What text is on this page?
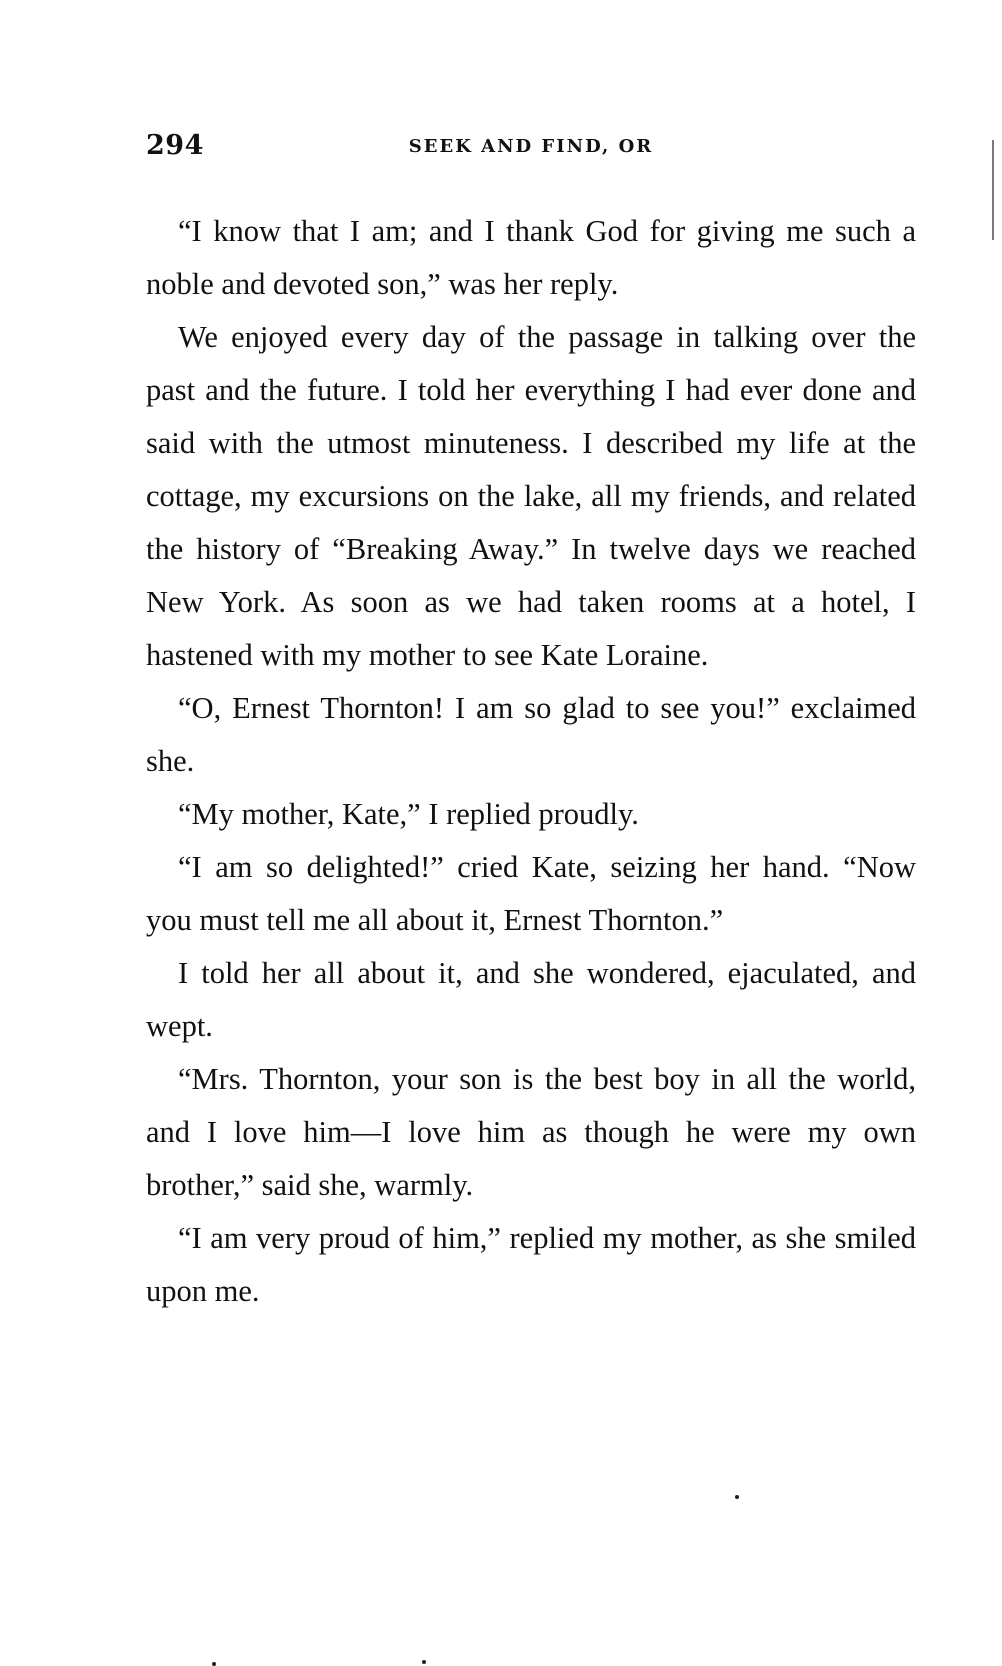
294	SEEK AND FIND, OR

“I know that I am; and I thank God for giving me such a noble and devoted son,” was her reply.

We enjoyed every day of the passage in talking over the past and the future. I told her everything I had ever done and said with the utmost minuteness. I described my life at the cottage, my excursions on the lake, all my friends, and related the history of “Breaking Away.” In twelve days we reached New York. As soon as we had taken rooms at a hotel, I hastened with my mother to see Kate Loraine.

“O, Ernest Thornton! I am so glad to see you!” exclaimed she.

“My mother, Kate,” I replied proudly.

“I am so delighted!” cried Kate, seizing her hand. “Now you must tell me all about it, Ernest Thornton.”

I told her all about it, and she wondered, ejaculated, and wept.

“Mrs. Thornton, your son is the best boy in all the world, and I love him—I love him as though he were my own brother,” said she, warmly.

“I am very proud of him,” replied my mother, as she smiled upon me.
